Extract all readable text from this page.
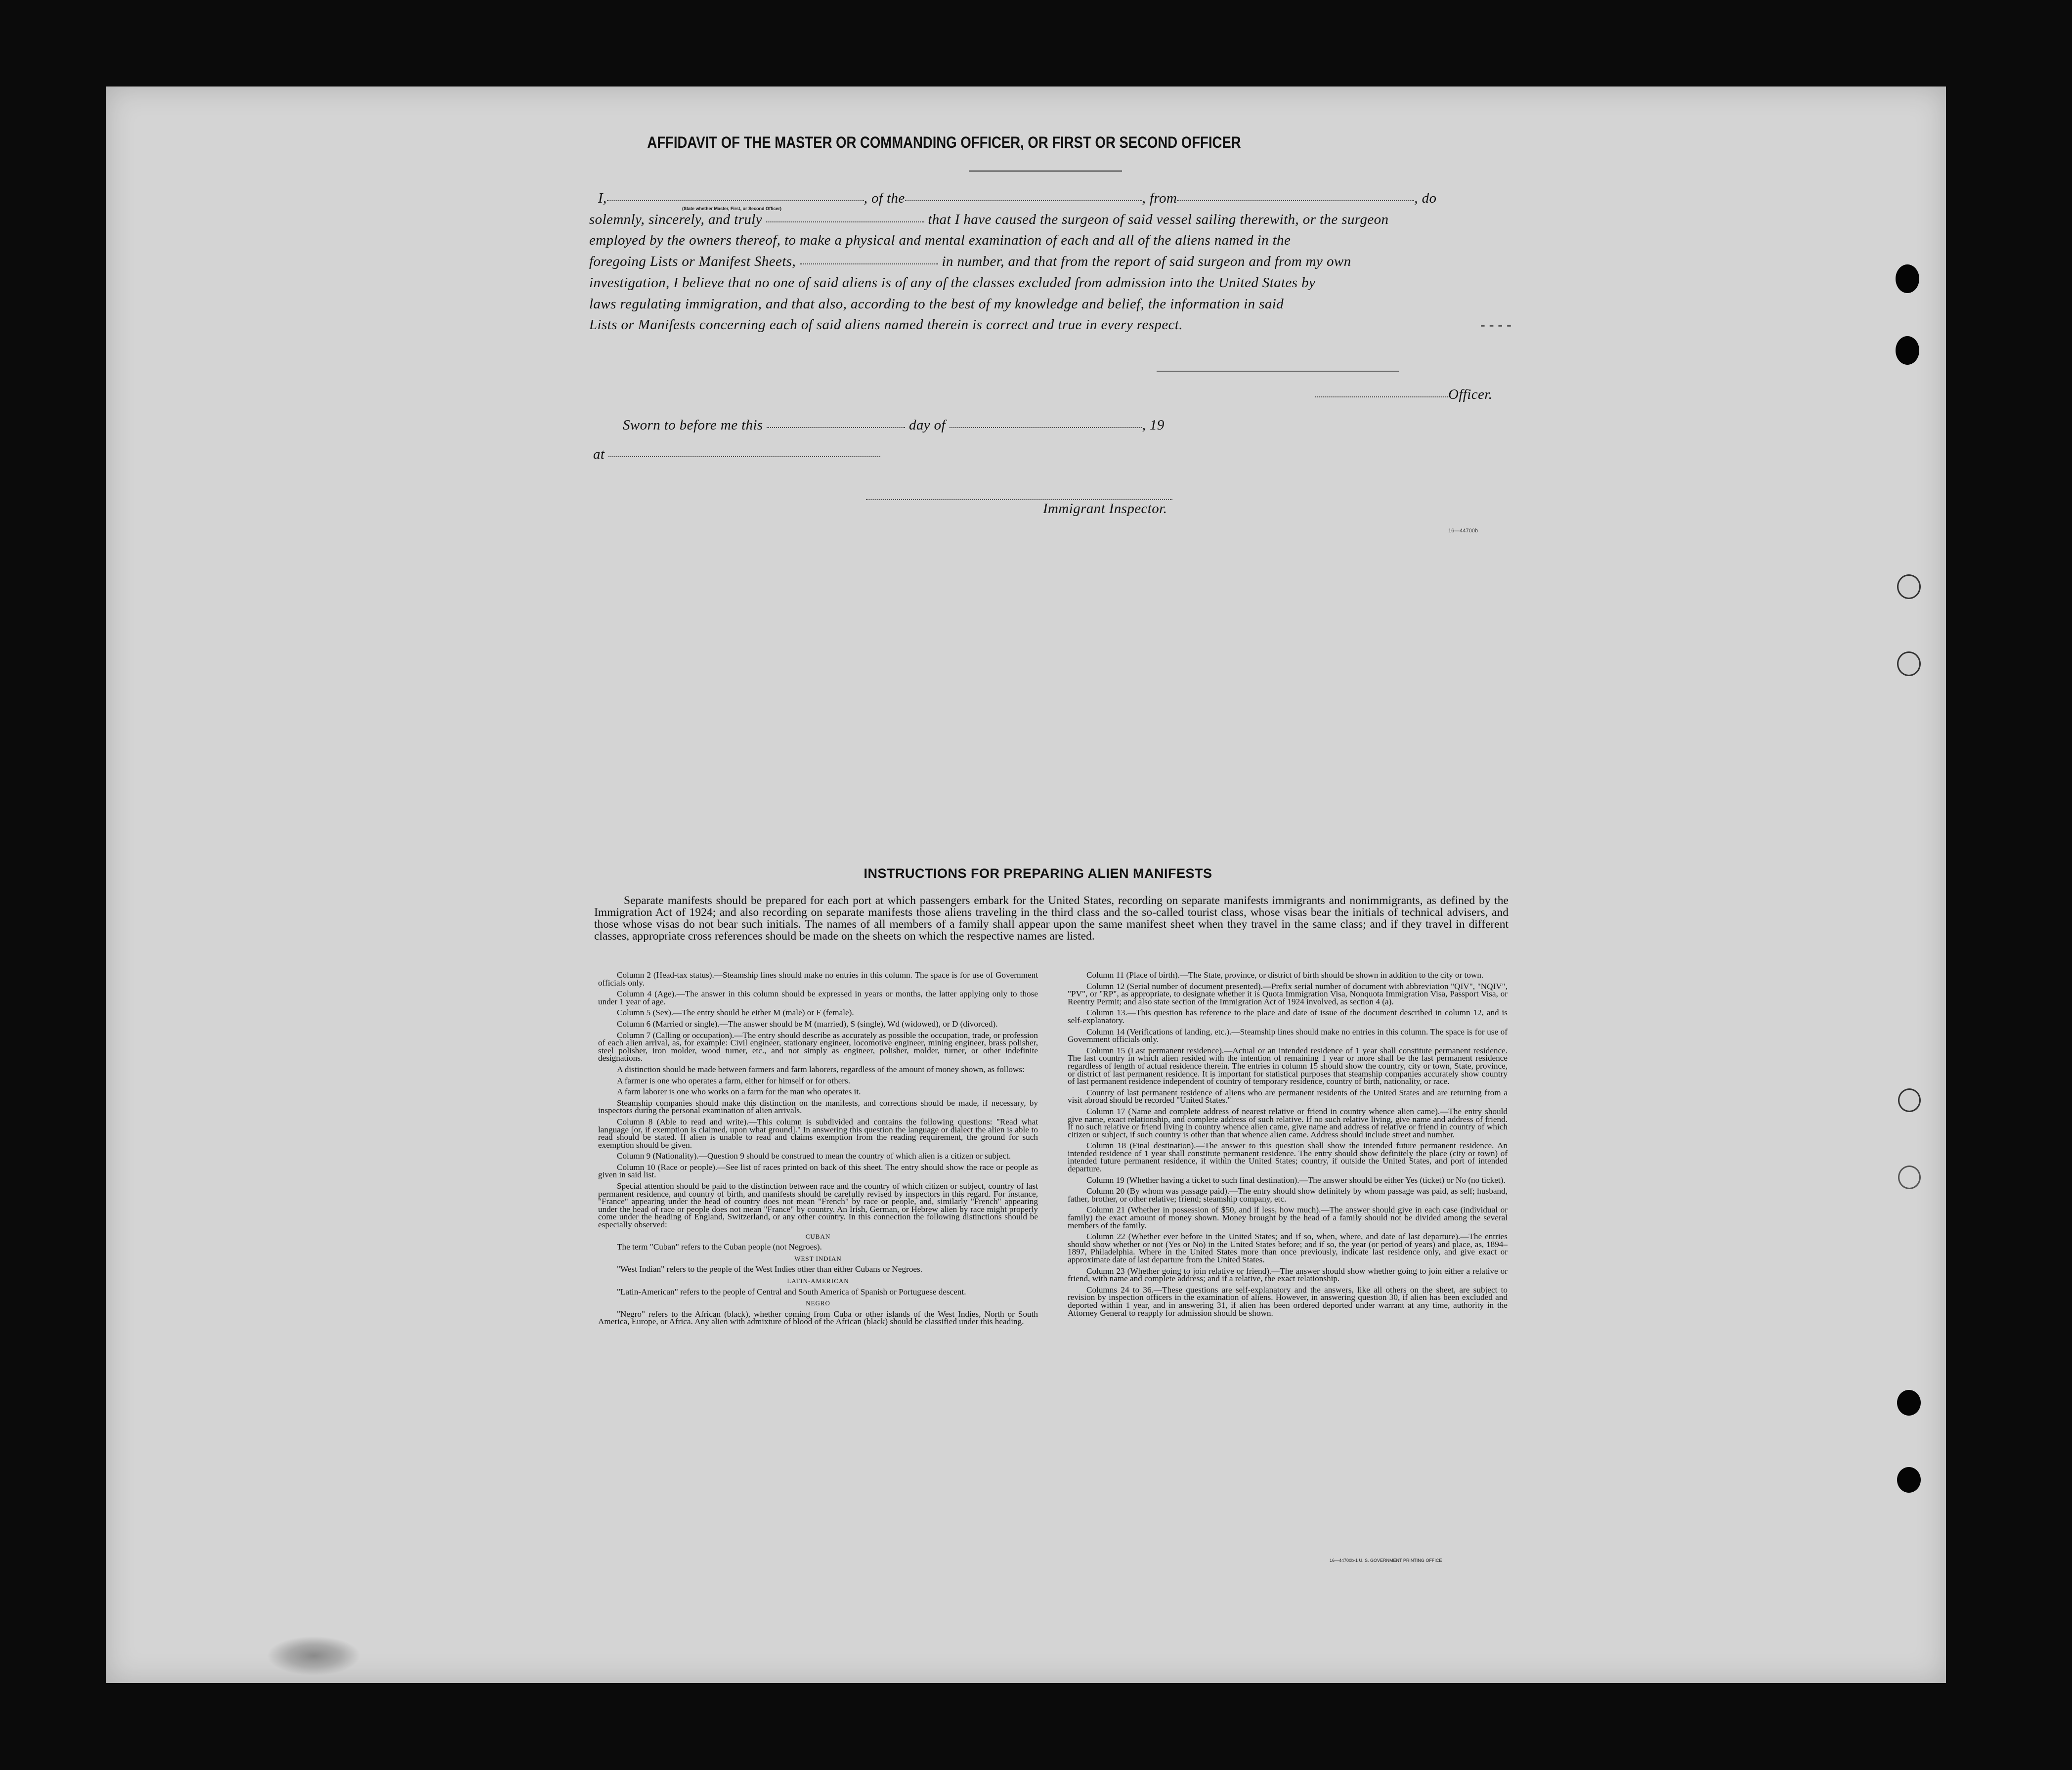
AFFIDAVIT OF THE MASTER OR COMMANDING OFFICER, OR FIRST OR SECOND OFFICER
I,	, of the	, from	, do
(State whether Master, First, or Second Officer)
solemnly, sincerely, and truly	that I have caused the surgeon of said vessel sailing therewith, or the surgeon
employed by the owners thereof, to make a physical and mental examination of each and all of the aliens named in the
foregoing Lists or Manifest Sheets,	in number, and that from the report of said surgeon and from my own
investigation, I believe that no one of said aliens is of any of the classes excluded from admission into the United States by
laws regulating immigration, and that also, according to the best of my knowledge and belief, the information in said
Lists or Manifests concerning each of said aliens named therein is correct and true in every respect.	- - - -
Officer.
Sworn to before me this	day of	, 19
at
Immigrant Inspector.
16—44700b
INSTRUCTIONS FOR PREPARING ALIEN MANIFESTS
Separate manifests should be prepared for each port at which passengers embark for the United States, recording on separate manifests immigrants and nonimmigrants, as defined by the Immigration Act of 1924; and also recording on separate manifests those aliens traveling in the third class and the so-called tourist class, whose visas bear the initials of technical advisers, and those whose visas do not bear such initials. The names of all members of a family shall appear upon the same manifest sheet when they travel in the same class; and if they travel in different classes, appropriate cross references should be made on the sheets on which the respective names are listed.

Column 2 (Head-tax status).—Steamship lines should make no entries in this column. The space is for use of Government officials only.

Column 4 (Age).—The answer in this column should be expressed in years or months, the latter applying only to those under 1 year of age.

Column 5 (Sex).—The entry should be either M (male) or F (female).

Column 6 (Married or single).—The answer should be M (married), S (single), Wd (widowed), or D (divorced).

Column 7 (Calling or occupation).—The entry should describe as accurately as possible the occupation, trade, or profession of each alien arrival, as, for example: Civil engineer, stationary engineer, locomotive engineer, mining engineer, brass polisher, steel polisher, iron molder, wood turner, etc., and not simply as engineer, polisher, molder, turner, or other indefinite designations.

A distinction should be made between farmers and farm laborers, regardless of the amount of money shown, as follows:

A farmer is one who operates a farm, either for himself or for others.

A farm laborer is one who works on a farm for the man who operates it.

Steamship companies should make this distinction on the manifests, and corrections should be made, if necessary, by inspectors during the personal examination of alien arrivals.

Column 8 (Able to read and write).—This column is subdivided and contains the following questions: "Read what language [or, if exemption is claimed, upon what ground]." In answering this question the language or dialect the alien is able to read should be stated. If alien is unable to read and claims exemption from the reading requirement, the ground for such exemption should be given.

Column 9 (Nationality).—Question 9 should be construed to mean the country of which alien is a citizen or subject.

Column 10 (Race or people).—See list of races printed on back of this sheet. The entry should show the race or people as given in said list.

Special attention should be paid to the distinction between race and the country of which citizen or subject, country of last permanent residence, and country of birth, and manifests should be carefully revised by inspectors in this regard. For instance, "France" appearing under the head of country does not mean "French" by race or people, and, similarly "French" appearing under the head of race or people does not mean "France" by country. An Irish, German, or Hebrew alien by race might properly come under the heading of England, Switzerland, or any other country. In this connection the following distinctions should be especially observed:

CUBAN

The term "Cuban" refers to the Cuban people (not Negroes).

WEST INDIAN

"West Indian" refers to the people of the West Indies other than either Cubans or Negroes.

LATIN-AMERICAN

"Latin-American" refers to the people of Central and South America of Spanish or Portuguese descent.

NEGRO

"Negro" refers to the African (black), whether coming from Cuba or other islands of the West Indies, North or South America, Europe, or Africa. Any alien with admixture of blood of the African (black) should be classified under this heading.

Column 11 (Place of birth).—The State, province, or district of birth should be shown in addition to the city or town.

Column 12 (Serial number of document presented).—Prefix serial number of document with abbreviation "QIV", "NQIV", "PV", or "RP", as appropriate, to designate whether it is Quota Immigration Visa, Nonquota Immigration Visa, Passport Visa, or Reentry Permit; and also state section of the Immigration Act of 1924 involved, as section 4 (a).

Column 13.—This question has reference to the place and date of issue of the document described in column 12, and is self-explanatory.

Column 14 (Verifications of landing, etc.).—Steamship lines should make no entries in this column. The space is for use of Government officials only.

Column 15 (Last permanent residence).—Actual or an intended residence of 1 year shall constitute permanent residence. The last country in which alien resided with the intention of remaining 1 year or more shall be the last permanent residence regardless of length of actual residence therein. The entries in column 15 should show the country, city or town, State, province, or district of last permanent residence. It is important for statistical purposes that steamship companies accurately show country of last permanent residence independent of country of temporary residence, country of birth, nationality, or race.

Country of last permanent residence of aliens who are permanent residents of the United States and are returning from a visit abroad should be recorded "United States."

Column 17 (Name and complete address of nearest relative or friend in country whence alien came).—The entry should give name, exact relationship, and complete address of such relative. If no such relative living, give name and address of friend. If no such relative or friend living in country whence alien came, give name and address of relative or friend in country of which citizen or subject, if such country is other than that whence alien came. Address should include street and number.

Column 18 (Final destination).—The answer to this question shall show the intended future permanent residence. An intended residence of 1 year shall constitute permanent residence. The entry should show definitely the place (city or town) of intended future permanent residence, if within the United States; country, if outside the United States, and port of intended departure.

Column 19 (Whether having a ticket to such final destination).—The answer should be either Yes (ticket) or No (no ticket).

Column 20 (By whom was passage paid).—The entry should show definitely by whom passage was paid, as self; husband, father, brother, or other relative; friend; steamship company, etc.

Column 21 (Whether in possession of $50, and if less, how much).—The answer should give in each case (individual or family) the exact amount of money shown. Money brought by the head of a family should not be divided among the several members of the family.

Column 22 (Whether ever before in the United States; and if so, when, where, and date of last departure).—The entries should show whether or not (Yes or No) in the United States before; and if so, the year (or period of years) and place, as, 1894–1897, Philadelphia. Where in the United States more than once previously, indicate last residence only, and give exact or approximate date of last departure from the United States.

Column 23 (Whether going to join relative or friend).—The answer should show whether going to join either a relative or friend, with name and complete address; and if a relative, the exact relationship.

Columns 24 to 36.—These questions are self-explanatory and the answers, like all others on the sheet, are subject to revision by inspection officers in the examination of aliens. However, in answering question 30, if alien has been excluded and deported within 1 year, and in answering 31, if alien has been ordered deported under warrant at any time, authority in the Attorney General to reapply for admission should be shown.

16—44700b-1 U. S. GOVERNMENT PRINTING OFFICE
